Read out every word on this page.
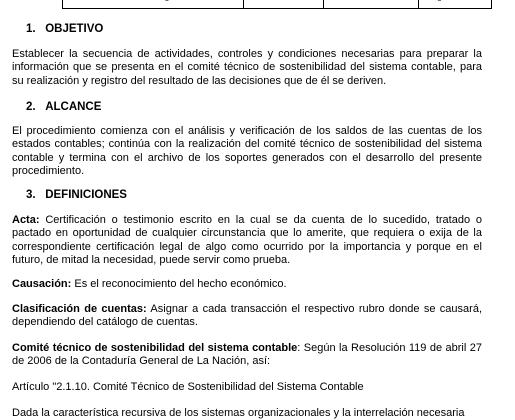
1. OBJETIVO

Establecer la secuencia de actividades, controles y condiciones necesarias para preparar la información que se presenta en el comité técnico de sostenibilidad del sistema contable, para su realización y registro del resultado de las decisiones que de él se deriven.

2. ALCANCE

El procedimiento comienza con el análisis y verificación de los saldos de las cuentas de los estados contables; continúa con la realización del comité técnico de sostenibilidad del sistema contable y termina con el archivo de los soportes generados con el desarrollo del presente procedimiento.

3. DEFINICIONES

Acta: Certificación o testimonio escrito en la cual se da cuenta de lo sucedido, tratado o pactado en oportunidad de cualquier circunstancia que lo amerite, que requiera o exija de la correspondiente certificación legal de algo como ocurrido por la importancia y porque en el futuro, de mitad la necesidad, puede servir como prueba.

Causación: Es el reconocimiento del hecho económico.

Clasificación de cuentas: Asignar a cada transacción el respectivo rubro donde se causará, dependiendo del catálogo de cuentas.

Comité técnico de sostenibilidad del sistema contable: Según la Resolución 119 de abril 27 de 2006 de la Contaduría General de La Nación, así:

Artículo "2.1.10. Comité Técnico de Sostenibilidad del Sistema Contable

Dada la característica recursiva de los sistemas organizacionales y la interrelación necesaria
